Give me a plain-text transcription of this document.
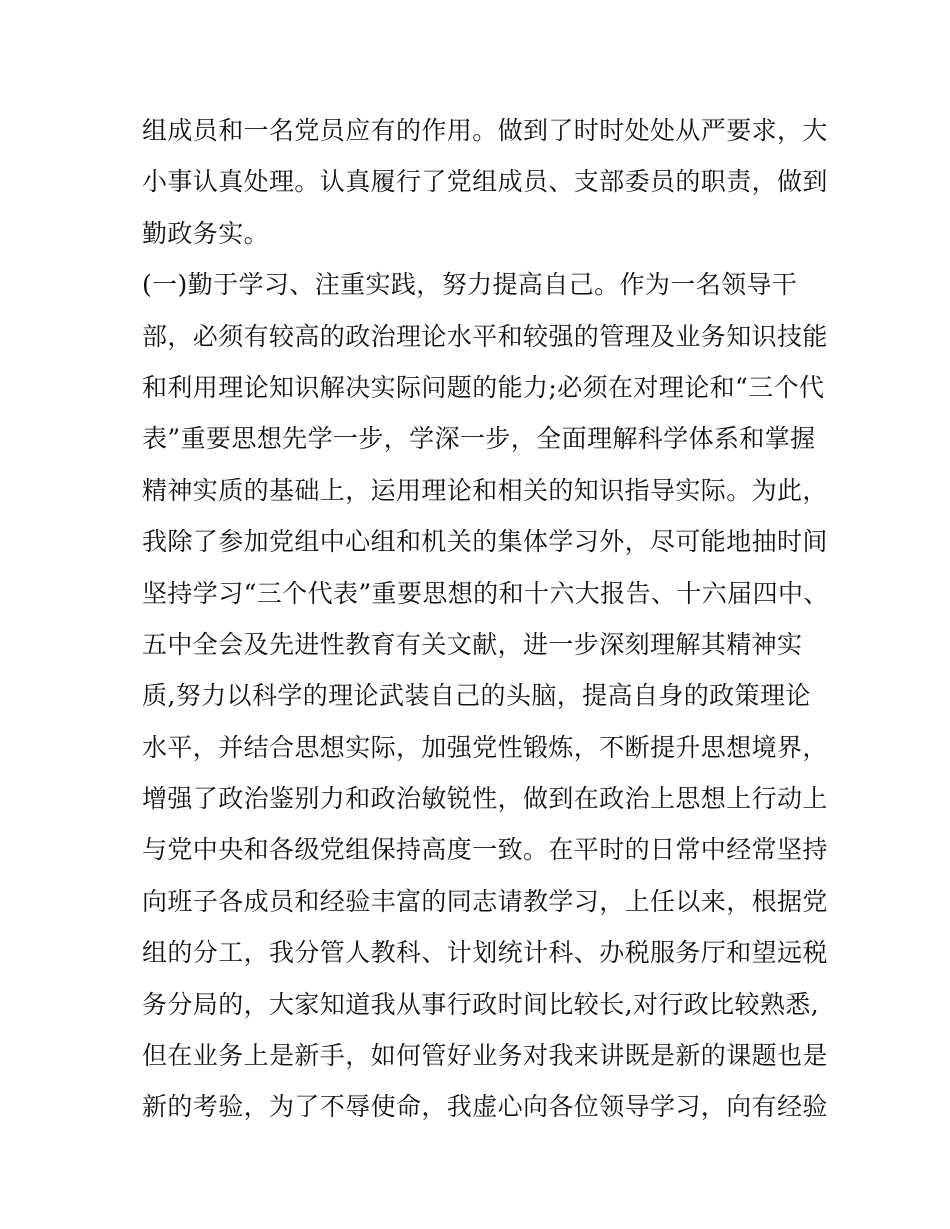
组成员和一名党员应有的作用。做到了时时处处从严要求，大
小事认真处理。认真履行了党组成员、支部委员的职责，做到
勤政务实。
(一)勤于学习、注重实践，努力提高自己。作为一名领导干
部，必须有较高的政治理论水平和较强的管理及业务知识技能
和利用理论知识解决实际问题的能力;必须在对理论和“三个代
表”重要思想先学一步，学深一步，全面理解科学体系和掌握
精神实质的基础上，运用理论和相关的知识指导实际。为此，
我除了参加党组中心组和机关的集体学习外，尽可能地抽时间
坚持学习“三个代表”重要思想的和十六大报告、十六届四中、
五中全会及先进性教育有关文献，进一步深刻理解其精神实
质,努力以科学的理论武装自己的头脑，提高自身的政策理论
水平，并结合思想实际，加强党性锻炼，不断提升思想境界，
增强了政治鉴别力和政治敏锐性，做到在政治上思想上行动上
与党中央和各级党组保持高度一致。在平时的日常中经常坚持
向班子各成员和经验丰富的同志请教学习，上任以来，根据党
组的分工，我分管人教科、计划统计科、办税服务厅和望远税
务分局的，大家知道我从事行政时间比较长,对行政比较熟悉,
但在业务上是新手，如何管好业务对我来讲既是新的课题也是
新的考验，为了不辱使命，我虚心向各位领导学习，向有经验
